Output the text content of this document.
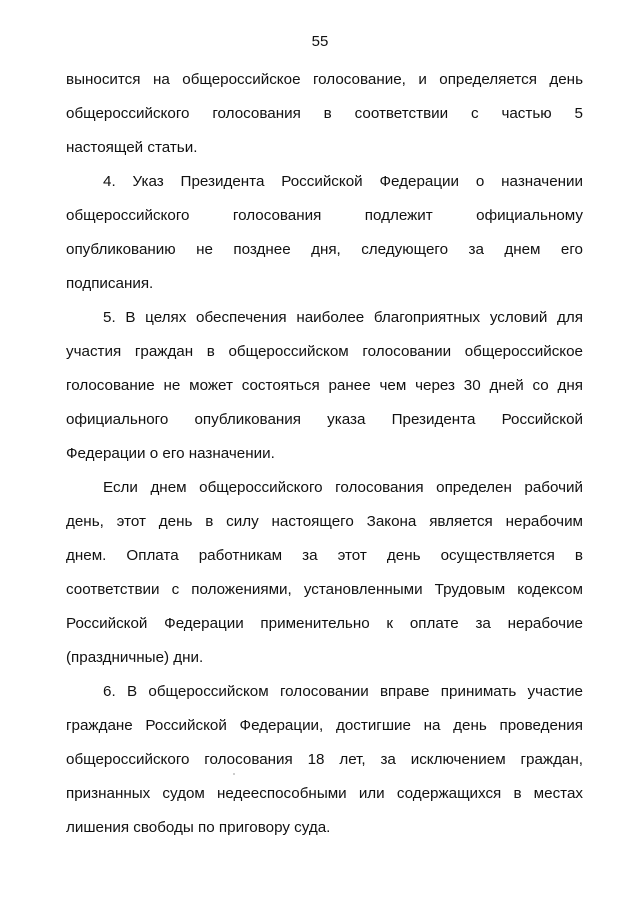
55
выносится на общероссийское голосование, и определяется день
общероссийского голосования в соответствии с частью 5
настоящей статьи.
4. Указ Президента Российской Федерации о назначении
общероссийского голосования подлежит официальному
опубликованию не позднее дня, следующего за днем его
подписания.
5. В целях обеспечения наиболее благоприятных условий для
участия граждан в общероссийском голосовании общероссийское
голосование не может состояться ранее чем через 30 дней со дня
официального опубликования указа Президента Российской
Федерации о его назначении.
Если днем общероссийского голосования определен рабочий
день, этот день в силу настоящего Закона является нерабочим
днем. Оплата работникам за этот день осуществляется в
соответствии с положениями, установленными Трудовым кодексом
Российской Федерации применительно к оплате за нерабочие
(праздничные) дни.
6. В общероссийском голосовании вправе принимать участие
граждане Российской Федерации, достигшие на день проведения
общероссийского голосования 18 лет, за исключением граждан,
признанных судом недееспособными или содержащихся в местах
лишения свободы по приговору суда.
